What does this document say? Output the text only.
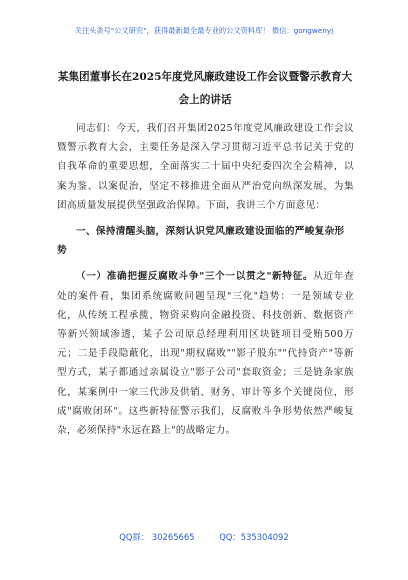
关注头条号"公文研究"，获得最新最全最专业的公文资料库！ 微信：gongwenyj
某集团董事长在2025年度党风廉政建设工作会议暨警示教育大会上的讲话

同志们：今天，我们召开集团2025年度党风廉政建设工作会议暨警示教育大会，主要任务是深入学习贯彻习近平总书记关于党的自我革命的重要思想，全面落实二十届中央纪委四次全会精神，以案为鉴、以案促治，坚定不移推进全面从严治党向纵深发展，为集团高质量发展提供坚强政治保障。下面，我讲三个方面意见：

一、保持清醒头脑，深刻认识党风廉政建设面临的严峻复杂形势

（一）准确把握反腐败斗争"三个一以贯之"新特征。从近年查处的案件看，集团系统腐败问题呈现"三化"趋势：一是领域专业化，从传统工程承揽、物资采购向金融投资、科技创新、数据资产等新兴领域渗透，某子公司原总经理利用区块链项目受贿500万元；二是手段隐蔽化，出现"期权腐败""影子股东""代持资产"等新型方式，某子都通过亲属设立"影子公司"套取资金；三是链条家族化，某案例中一家三代涉及供销、财务、审计等多个关键岗位，形成"腐败闭环"。这些新特征警示我们，反腐败斗争形势依然严峻复杂，必须保持"永远在路上"的战略定力。

QQ群： 30265665	QQ：535304092
